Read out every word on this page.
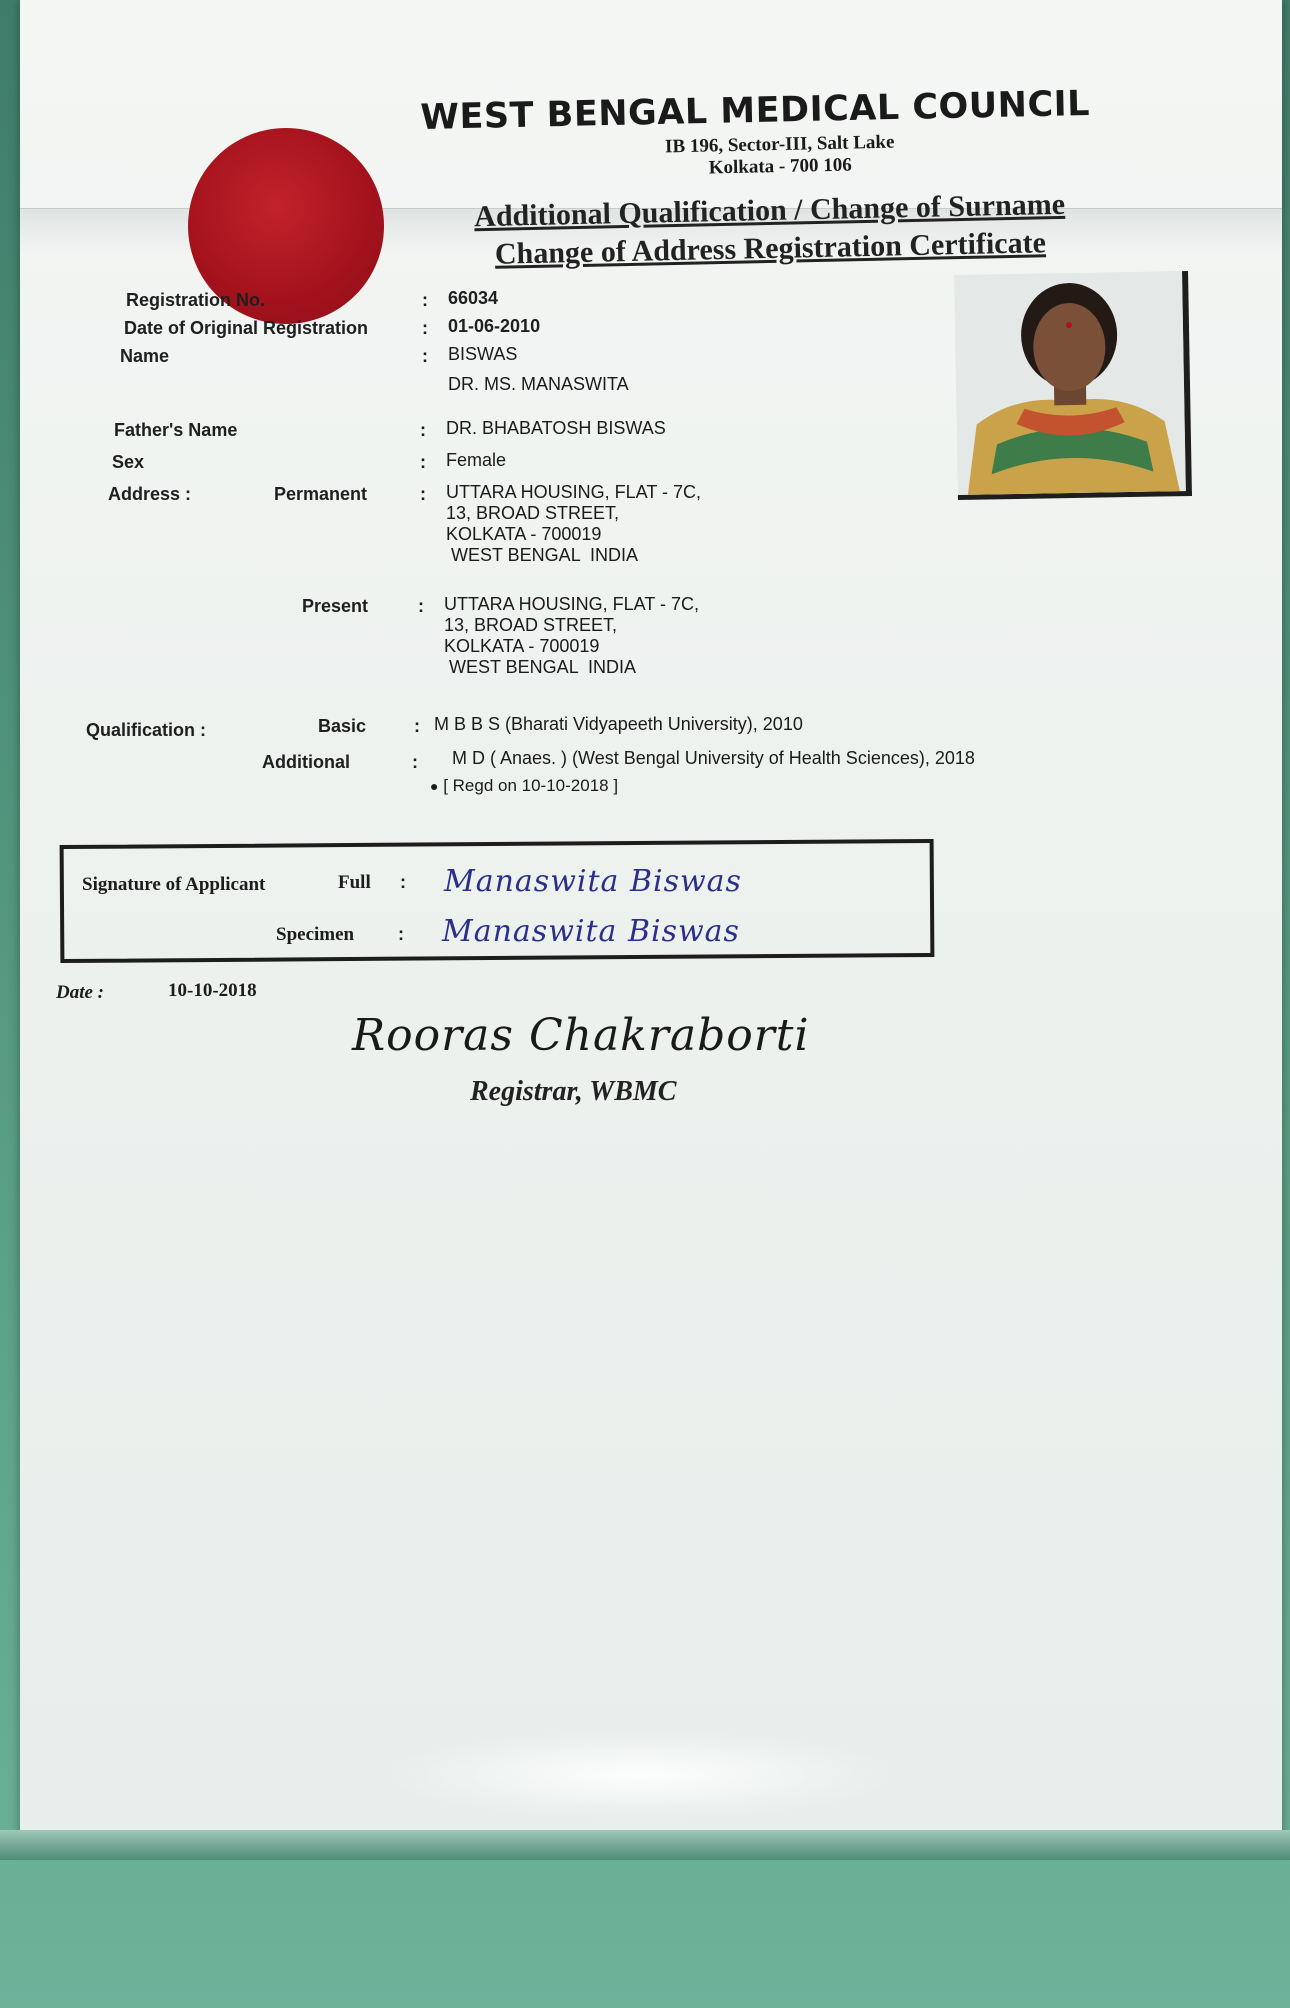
WEST BENGAL MEDICAL COUNCIL
IB 196, Sector-III, Salt Lake
Kolkata - 700 106
Additional Qualification / Change of Surname
Change of Address Registration Certificate
Registration No.	: 66034
Date of Original Registration	: 01-06-2010
Name	: BISWAS
DR. MS. MANASWITA
Father's Name	: DR. BHABATOSH BISWAS
Sex	: Female
Address :	Permanent	: UTTARA HOUSING, FLAT - 7C,
13, BROAD STREET,
KOLKATA - 700019
WEST BENGAL  INDIA
Present	: UTTARA HOUSING, FLAT - 7C,
13, BROAD STREET,
KOLKATA - 700019
WEST BENGAL  INDIA
Qualification :	Basic	: M B B S (Bharati Vidyapeeth University), 2010
Additional	: M D ( Anaes. ) (West Bengal University of Health Sciences), 2018
● [ Regd on 10-10-2018 ]
Signature of Applicant	Full : Manaswita Biswas
Specimen : Manaswita Biswas
Date :	10-10-2018
Rooras Chakraborti
Registrar, WBMC
